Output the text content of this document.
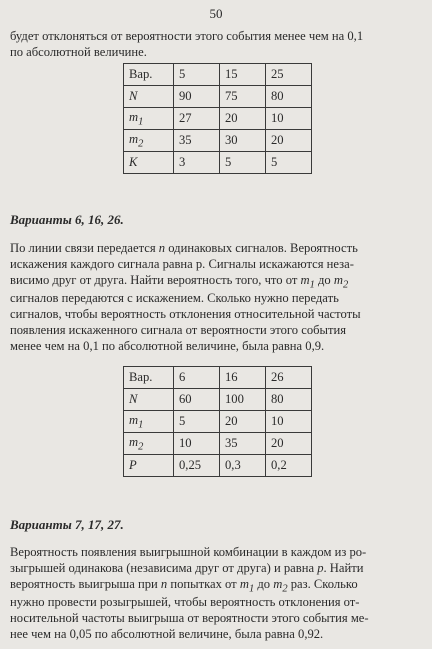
50

будет отклоняться от вероятности этого события менее чем на 0,1

по абсолютной величине.

Вар.	5	15	25
N	90	75	80
$m_1$	27	20	10
$m_2$	35	30	20
K	3	5	5
Варианты 6, 16, 26.

По линии связи передается n одинаковых сигналов. Вероятность

искажения каждого сигнала равна р. Сигналы искажаются неза-

висимо друг от друга. Найти вероятность того, что от $m_1$ до $m_2$

сигналов передаются с искажением. Сколько нужно передать

сигналов, чтобы вероятность отклонения относительной частоты

появления искаженного сигнала от вероятности этого события

менее чем на 0,1 по абсолютной величине, была равна 0,9.

Вар.	6	16	26
N	60	100	80
$m_1$	5	20	10
$m_2$	10	35	20
P	0,25	0,3	0,2
Варианты 7, 17, 27.

Вероятность появления выигрышной комбинации в каждом из ро-

зыгрышей одинакова (независима друг от друга) и равна p. Найти

вероятность выигрыша при n попытках от $m_1$ до $m_2$ раз. Сколько

нужно провести розыгрышей, чтобы вероятность отклонения от-

носительной частоты выигрыша от вероятности этого события ме-

нее чем на 0,05 по абсолютной величине, была равна 0,92.
